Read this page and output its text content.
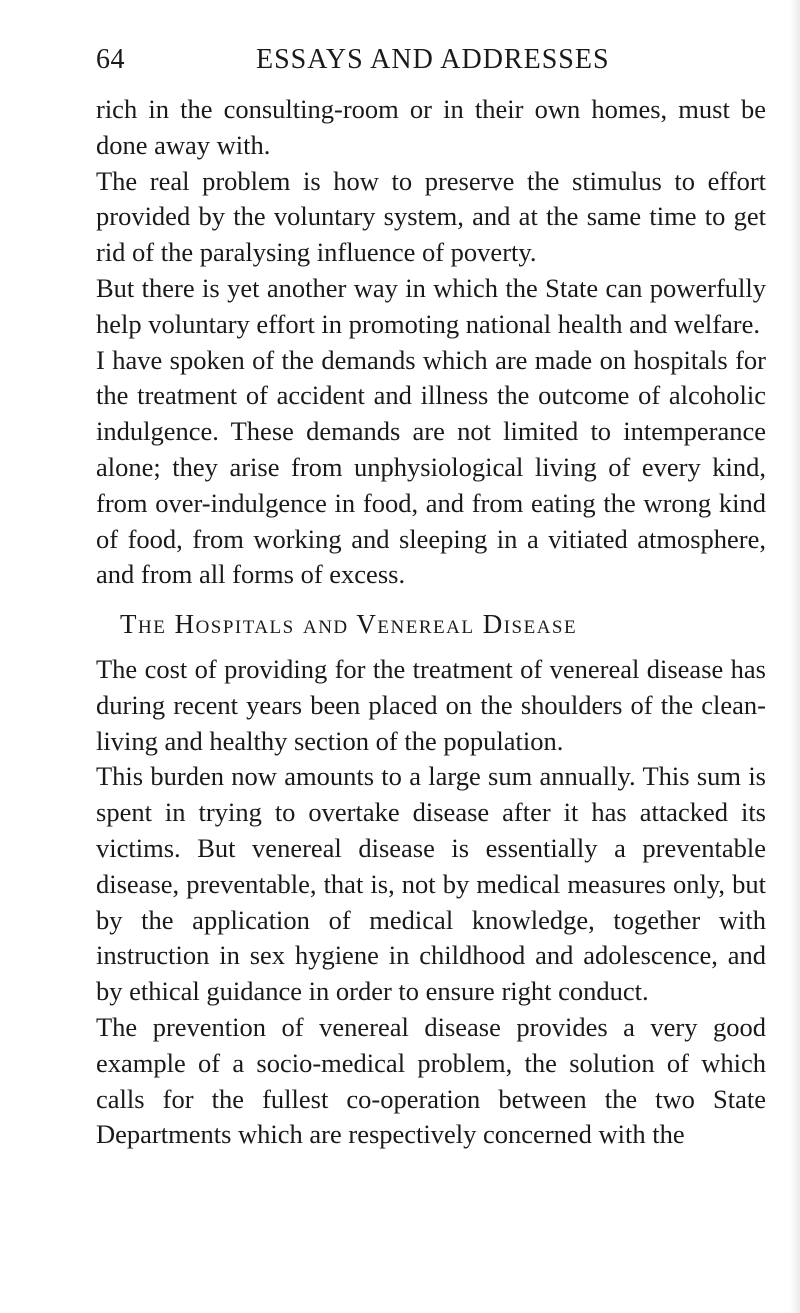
64	ESSAYS AND ADDRESSES

rich in the consulting-room or in their own homes, must be done away with.

The real problem is how to preserve the stimulus to effort provided by the voluntary system, and at the same time to get rid of the paralysing influence of poverty.

But there is yet another way in which the State can powerfully help voluntary effort in promoting national health and welfare.

I have spoken of the demands which are made on hospitals for the treatment of accident and illness the outcome of alcoholic indulgence. These demands are not limited to intemperance alone; they arise from unphysiological living of every kind, from over-indulgence in food, and from eating the wrong kind of food, from working and sleeping in a vitiated atmosphere, and from all forms of excess.

The Hospitals and Venereal Disease

The cost of providing for the treatment of venereal disease has during recent years been placed on the shoulders of the clean-living and healthy section of the population.

This burden now amounts to a large sum annually. This sum is spent in trying to overtake disease after it has attacked its victims. But venereal disease is essentially a preventable disease, preventable, that is, not by medical measures only, but by the application of medical knowledge, together with instruction in sex hygiene in childhood and adolescence, and by ethical guidance in order to ensure right conduct.

The prevention of venereal disease provides a very good example of a socio-medical problem, the solution of which calls for the fullest co-operation between the two State Departments which are respectively concerned with the
